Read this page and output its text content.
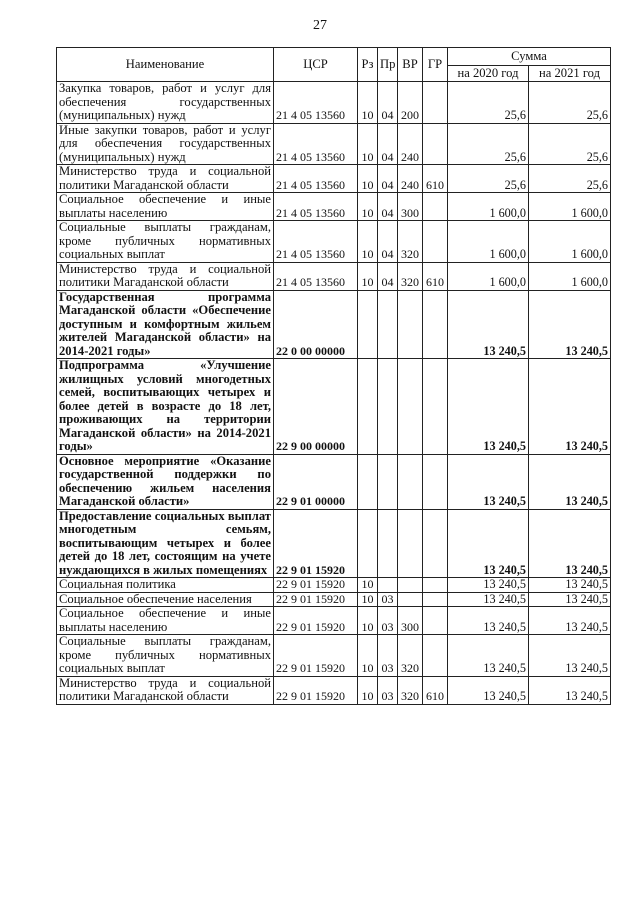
27
Наименование	ЦСР	Рз	Пр	ВР	ГР	Сумма	
						на 2020 год	на 2021 год
Закупка товаров, работ и услуг для обеспечения государственных (муниципальных) нужд	21 4 05 13560	10	04	200		25,6	25,6
Иные закупки товаров, работ и услуг для обеспечения государственных (муниципальных) нужд	21 4 05 13560	10	04	240		25,6	25,6
Министерство труда и социальной политики Магаданской области	21 4 05 13560	10	04	240	610	25,6	25,6
Социальное обеспечение и иные выплаты населению	21 4 05 13560	10	04	300		1 600,0	1 600,0
Социальные выплаты гражданам, кроме публичных нормативных социальных выплат	21 4 05 13560	10	04	320		1 600,0	1 600,0
Министерство труда и социальной политики Магаданской области	21 4 05 13560	10	04	320	610	1 600,0	1 600,0
Государственная программа Магаданской области «Обеспечение доступным и комфортным жильем жителей Магаданской области» на 2014-2021 годы»	22 0 00 00000					13 240,5	13 240,5
Подпрограмма «Улучшение жилищных условий многодетных семей, воспитывающих четырех и более детей в возрасте до 18 лет, проживающих на территории Магаданской области» на 2014-2021 годы»	22 9 00 00000					13 240,5	13 240,5
Основное мероприятие «Оказание государственной поддержки по обеспечению жильем населения Магаданской области»	22 9 01 00000					13 240,5	13 240,5
Предоставление социальных выплат многодетным семьям, воспитывающим четырех и более детей до 18 лет, состоящим на учете нуждающихся в жилых помещениях	22 9 01 15920					13 240,5	13 240,5
Социальная политика	22 9 01 15920	10				13 240,5	13 240,5
Социальное обеспечение населения	22 9 01 15920	10	03			13 240,5	13 240,5
Социальное обеспечение и иные выплаты населению	22 9 01 15920	10	03	300		13 240,5	13 240,5
Социальные выплаты гражданам, кроме публичных нормативных социальных выплат	22 9 01 15920	10	03	320		13 240,5	13 240,5
Министерство труда и социальной политики Магаданской области	22 9 01 15920	10	03	320	610	13 240,5	13 240,5
